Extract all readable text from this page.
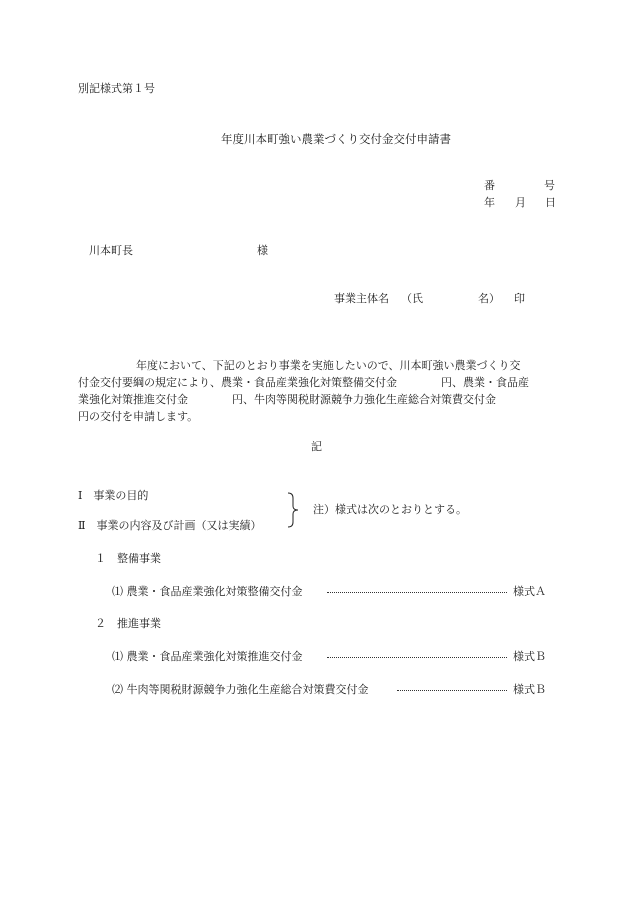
別記様式第１号
年度川本町強い農業づくり交付金交付申請書
番	号
年 月 日
川本町長	様
事業主体名 （氏	名） 印
年度において、下記のとおり事業を実施したいので、川本町強い農業づくり交
付金交付要綱の規定により、農業・食品産業強化対策整備交付金　　　　円、農業・食品産
業強化対策推進交付金　　　　円、牛肉等関税財源競争力強化生産総合対策費交付金
円の交付を申請します。
記
Ⅰ　事業の目的
Ⅱ　事業の内容及び計画（又は実績）
注）様式は次のとおりとする。
１　整備事業
⑴ 農業・食品産業強化対策整備交付金	様式Ａ
２　推進事業
⑴ 農業・食品産業強化対策推進交付金	様式Ｂ
⑵ 牛肉等関税財源競争力強化生産総合対策費交付金	様式Ｂ
